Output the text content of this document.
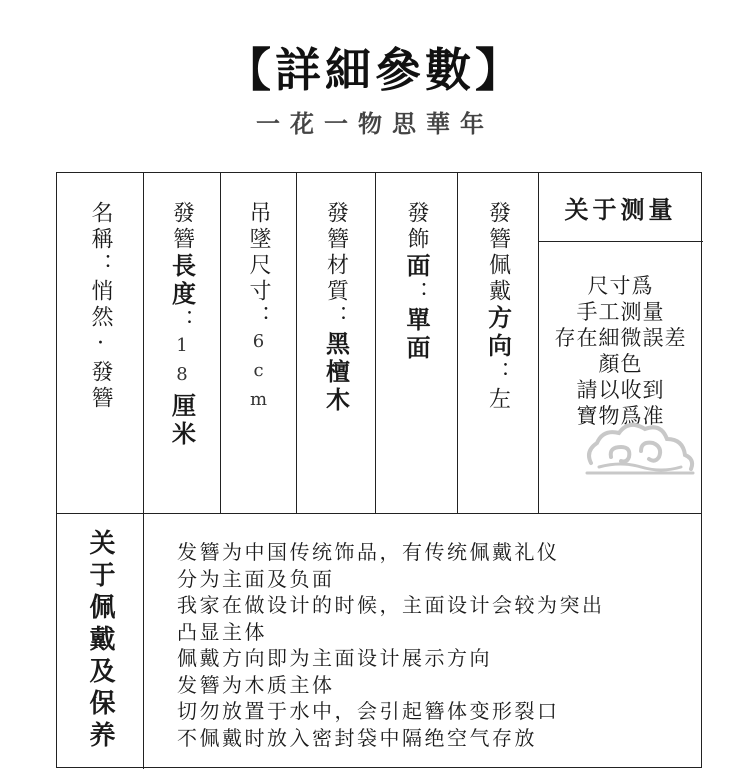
【詳細參數】
一花一物思華年
名稱：悄然·發簪
發簪長度：18厘米
吊墜尺寸：6cm
發簪材質：黑檀木
發飾面：單面
發簪佩戴方向：左
关于测量
尺寸爲
手工测量
存在細微誤差
顏色
請以收到
寶物爲准
关于佩戴及保养	发簪为中国传统饰品，有传统佩戴礼仪
分为主面及负面
我家在做设计的时候，主面设计会较为突出
凸显主体
佩戴方向即为主面设计展示方向
发簪为木质主体
切勿放置于水中，会引起簪体变形裂口
不佩戴时放入密封袋中隔绝空气存放
